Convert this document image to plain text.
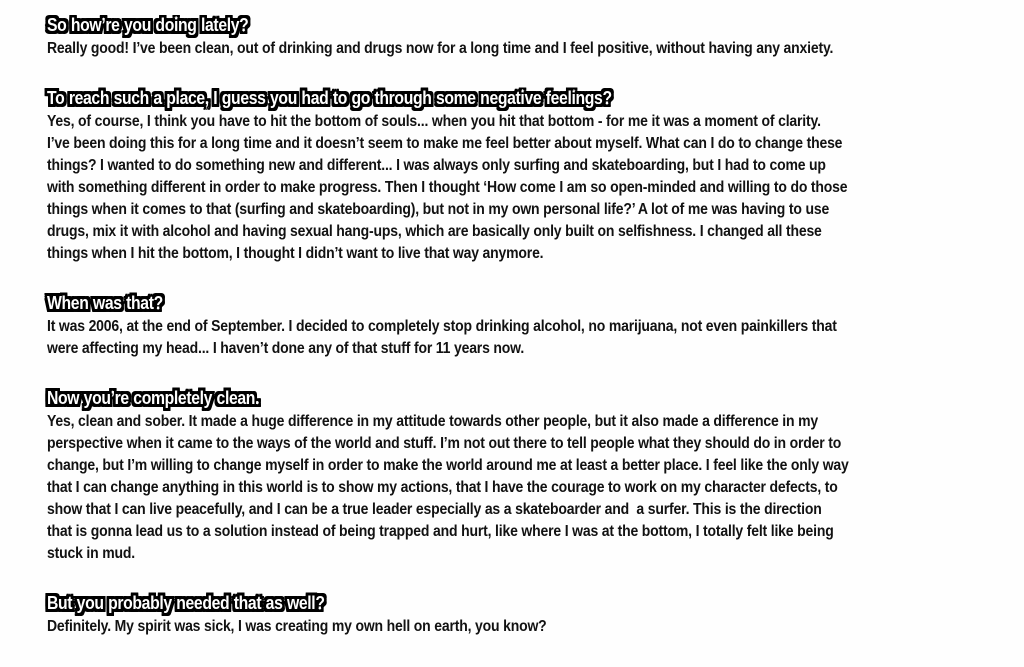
So how’re you doing lately?

Really good! I’ve been clean, out of drinking and drugs now for a long time and I feel positive, without having any anxiety.

To reach such a place, I guess you had to go through some negative feelings?

Yes, of course, I think you have to hit the bottom of souls... when you hit that bottom - for me it was a moment of clarity.
I’ve been doing this for a long time and it doesn’t seem to make me feel better about myself. What can I do to change these
things? I wanted to do something new and different... I was always only surfing and skateboarding, but I had to come up
with something different in order to make progress. Then I thought ‘How come I am so open-minded and willing to do those
things when it comes to that (surfing and skateboarding), but not in my own personal life?’ A lot of me was having to use
drugs, mix it with alcohol and having sexual hang-ups, which are basically only built on selfishness. I changed all these
things when I hit the bottom, I thought I didn’t want to live that way anymore.

When was that?

It was 2006, at the end of September. I decided to completely stop drinking alcohol, no marijuana, not even painkillers that
were affecting my head... I haven’t done any of that stuff for 11 years now.

Now you’re completely clean.

Yes, clean and sober. It made a huge difference in my attitude towards other people, but it also made a difference in my
perspective when it came to the ways of the world and stuff. I’m not out there to tell people what they should do in order to
change, but I’m willing to change myself in order to make the world around me at least a better place. I feel like the only way
that I can change anything in this world is to show my actions, that I have the courage to work on my character defects, to
show that I can live peacefully, and I can be a true leader especially as a skateboarder and  a surfer. This is the direction
that is gonna lead us to a solution instead of being trapped and hurt, like where I was at the bottom, I totally felt like being
stuck in mud.

But you probably needed that as well?

Definitely. My spirit was sick, I was creating my own hell on earth, you know?
